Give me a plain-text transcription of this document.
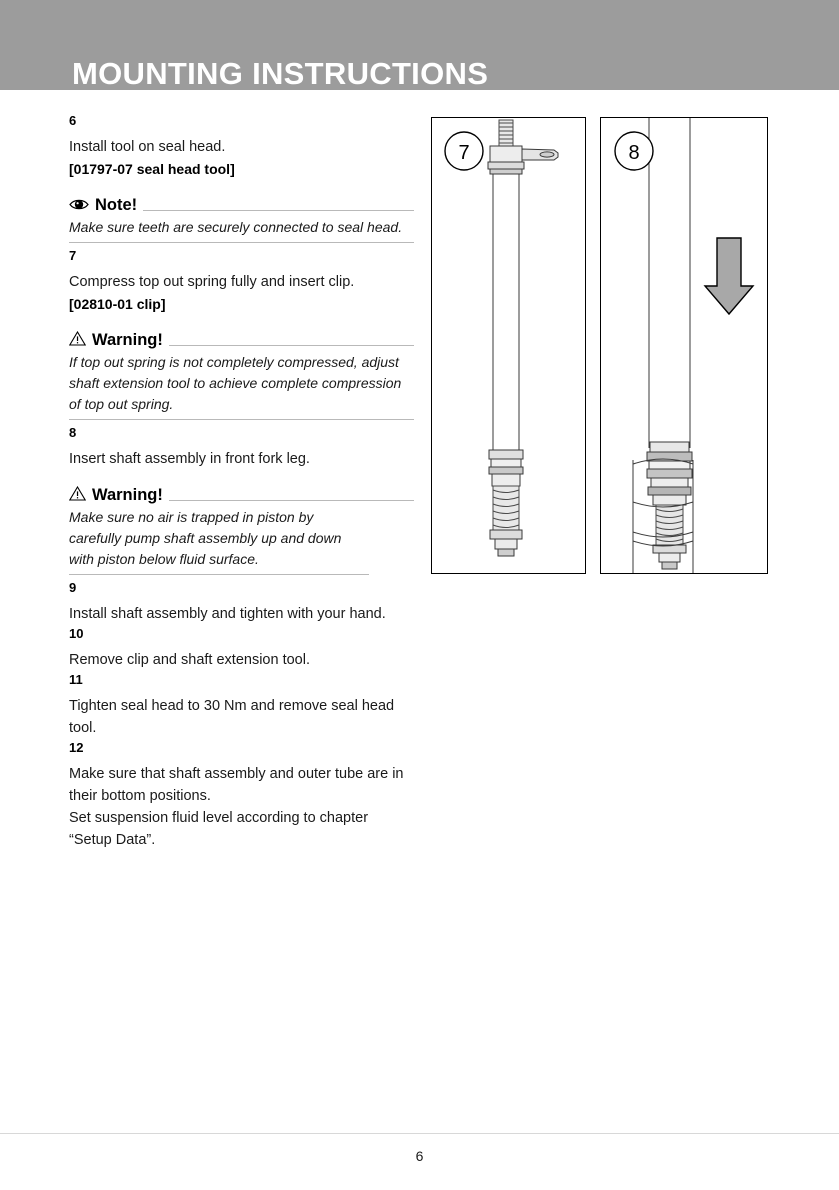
MOUNTING INSTRUCTIONS
6

Install tool on seal head.

[01797-07 seal head tool]

Note!
Make sure teeth are securely connected to seal head.
7

Compress top out spring fully and insert clip.

[02810-01 clip]

Warning!
If top out spring is not completely compressed, adjust shaft extension tool to achieve complete compression of top out spring.
8

Insert shaft assembly in front fork leg.

Warning!
Make sure no air is trapped in piston by carefully pump shaft assembly up and down with piston below fluid surface.
9

Install shaft assembly and tighten with your hand.

10

Remove clip and shaft extension tool.

11

Tighten seal head to 30 Nm and remove seal head tool.

12

Make sure that shaft assembly and outer tube are in their bottom positions.

Set suspension fluid level according to chapter “Setup Data”.

7	8
6
